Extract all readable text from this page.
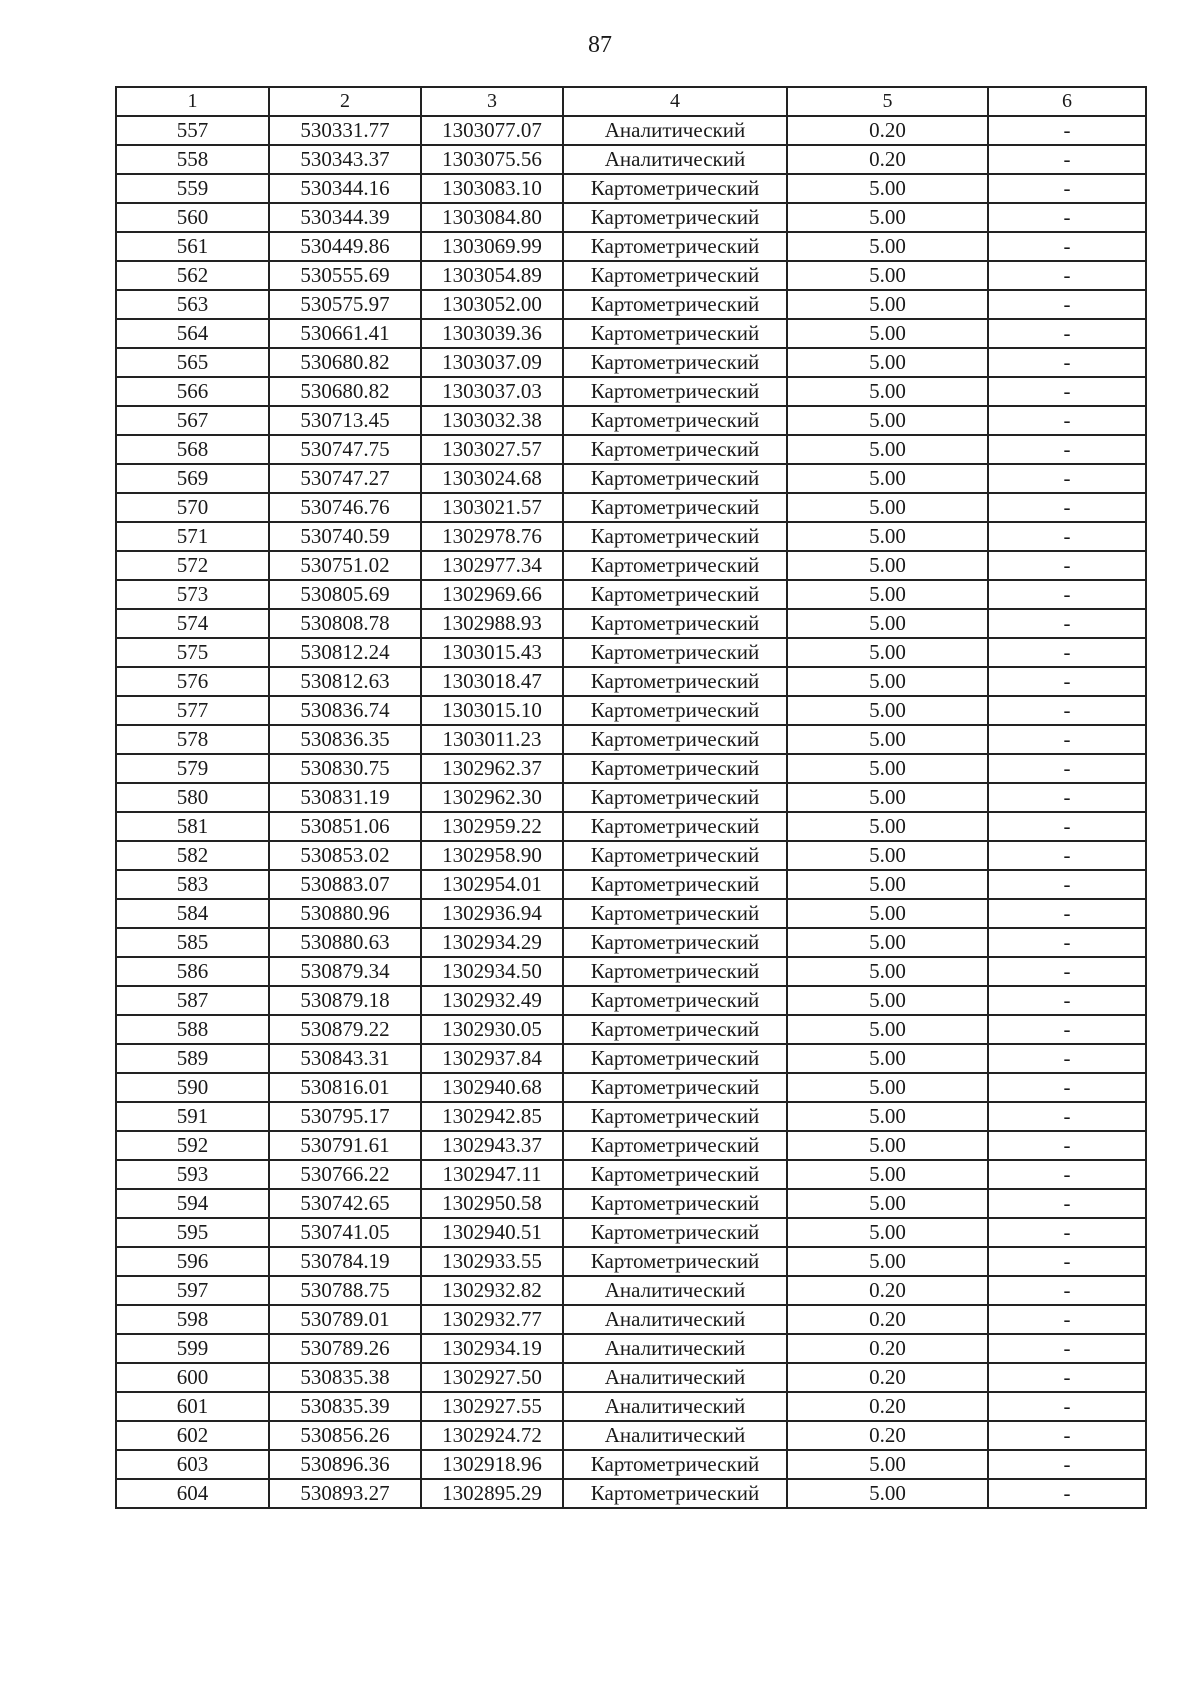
87
1	2	3	4	5	6
557	530331.77	1303077.07	Аналитический	0.20	-
558	530343.37	1303075.56	Аналитический	0.20	-
559	530344.16	1303083.10	Картометрический	5.00	-
560	530344.39	1303084.80	Картометрический	5.00	-
561	530449.86	1303069.99	Картометрический	5.00	-
562	530555.69	1303054.89	Картометрический	5.00	-
563	530575.97	1303052.00	Картометрический	5.00	-
564	530661.41	1303039.36	Картометрический	5.00	-
565	530680.82	1303037.09	Картометрический	5.00	-
566	530680.82	1303037.03	Картометрический	5.00	-
567	530713.45	1303032.38	Картометрический	5.00	-
568	530747.75	1303027.57	Картометрический	5.00	-
569	530747.27	1303024.68	Картометрический	5.00	-
570	530746.76	1303021.57	Картометрический	5.00	-
571	530740.59	1302978.76	Картометрический	5.00	-
572	530751.02	1302977.34	Картометрический	5.00	-
573	530805.69	1302969.66	Картометрический	5.00	-
574	530808.78	1302988.93	Картометрический	5.00	-
575	530812.24	1303015.43	Картометрический	5.00	-
576	530812.63	1303018.47	Картометрический	5.00	-
577	530836.74	1303015.10	Картометрический	5.00	-
578	530836.35	1303011.23	Картометрический	5.00	-
579	530830.75	1302962.37	Картометрический	5.00	-
580	530831.19	1302962.30	Картометрический	5.00	-
581	530851.06	1302959.22	Картометрический	5.00	-
582	530853.02	1302958.90	Картометрический	5.00	-
583	530883.07	1302954.01	Картометрический	5.00	-
584	530880.96	1302936.94	Картометрический	5.00	-
585	530880.63	1302934.29	Картометрический	5.00	-
586	530879.34	1302934.50	Картометрический	5.00	-
587	530879.18	1302932.49	Картометрический	5.00	-
588	530879.22	1302930.05	Картометрический	5.00	-
589	530843.31	1302937.84	Картометрический	5.00	-
590	530816.01	1302940.68	Картометрический	5.00	-
591	530795.17	1302942.85	Картометрический	5.00	-
592	530791.61	1302943.37	Картометрический	5.00	-
593	530766.22	1302947.11	Картометрический	5.00	-
594	530742.65	1302950.58	Картометрический	5.00	-
595	530741.05	1302940.51	Картометрический	5.00	-
596	530784.19	1302933.55	Картометрический	5.00	-
597	530788.75	1302932.82	Аналитический	0.20	-
598	530789.01	1302932.77	Аналитический	0.20	-
599	530789.26	1302934.19	Аналитический	0.20	-
600	530835.38	1302927.50	Аналитический	0.20	-
601	530835.39	1302927.55	Аналитический	0.20	-
602	530856.26	1302924.72	Аналитический	0.20	-
603	530896.36	1302918.96	Картометрический	5.00	-
604	530893.27	1302895.29	Картометрический	5.00	-
